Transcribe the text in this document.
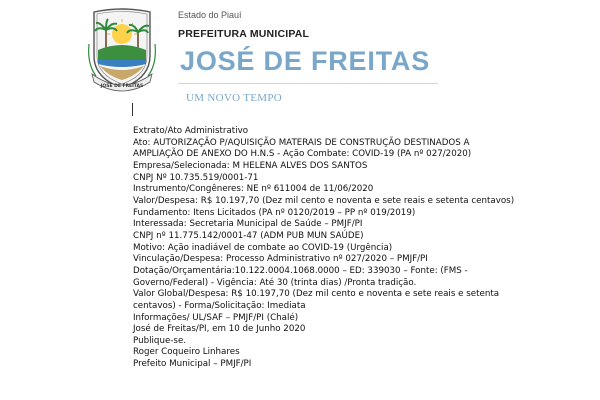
JOSÉ DE FREITAS
Estado do Piauí
PREFEITURA MUNICIPAL
JOSÉ DE FREITAS
UM NOVO TEMPO
Extrato/Ato Administrativo
Ato: AUTORIZAÇÃO P/AQUISIÇÃO MATERAIS DE CONSTRUÇÃO DESTINADOS A
AMPLIAÇÃO DE ANEXO DO H.N.S - Ação Combate: COVID-19 (PA nº 027/2020)
Empresa/Selecionada: M HELENA ALVES DOS SANTOS
CNPJ Nº 10.735.519/0001-71
Instrumento/Congêneres: NE nº 611004 de 11/06/2020
Valor/Despesa: R$ 10.197,70 (Dez mil cento e noventa e sete reais e setenta centavos)
Fundamento: Itens Licitados (PA nº 0120/2019 – PP nº 019/2019)
Interessada: Secretaria Municipal de Saúde – PMJF/PI
CNPJ nº 11.775.142/0001-47 (ADM PUB MUN SAÚDE)
Motivo: Ação inadiável de combate ao COVID-19 (Urgência)
Vinculação/Despesa: Processo Administrativo nº 027/2020 – PMJF/PI
Dotação/Orçamentária:10.122.0004.1068.0000 – ED: 339030 – Fonte: (FMS -
Governo/Federal) - Vigência: Até 30 (trinta dias) /Pronta tradição.
Valor Global/Despesa: R$ 10.197,70 (Dez mil cento e noventa e sete reais e setenta
centavos) - Forma/Solicitação: Imediata
Informações/ UL/SAF – PMJF/PI (Chalé)
José de Freitas/PI, em 10 de Junho 2020
Publique-se.
Roger Coqueiro Linhares
Prefeito Municipal – PMJF/PI
